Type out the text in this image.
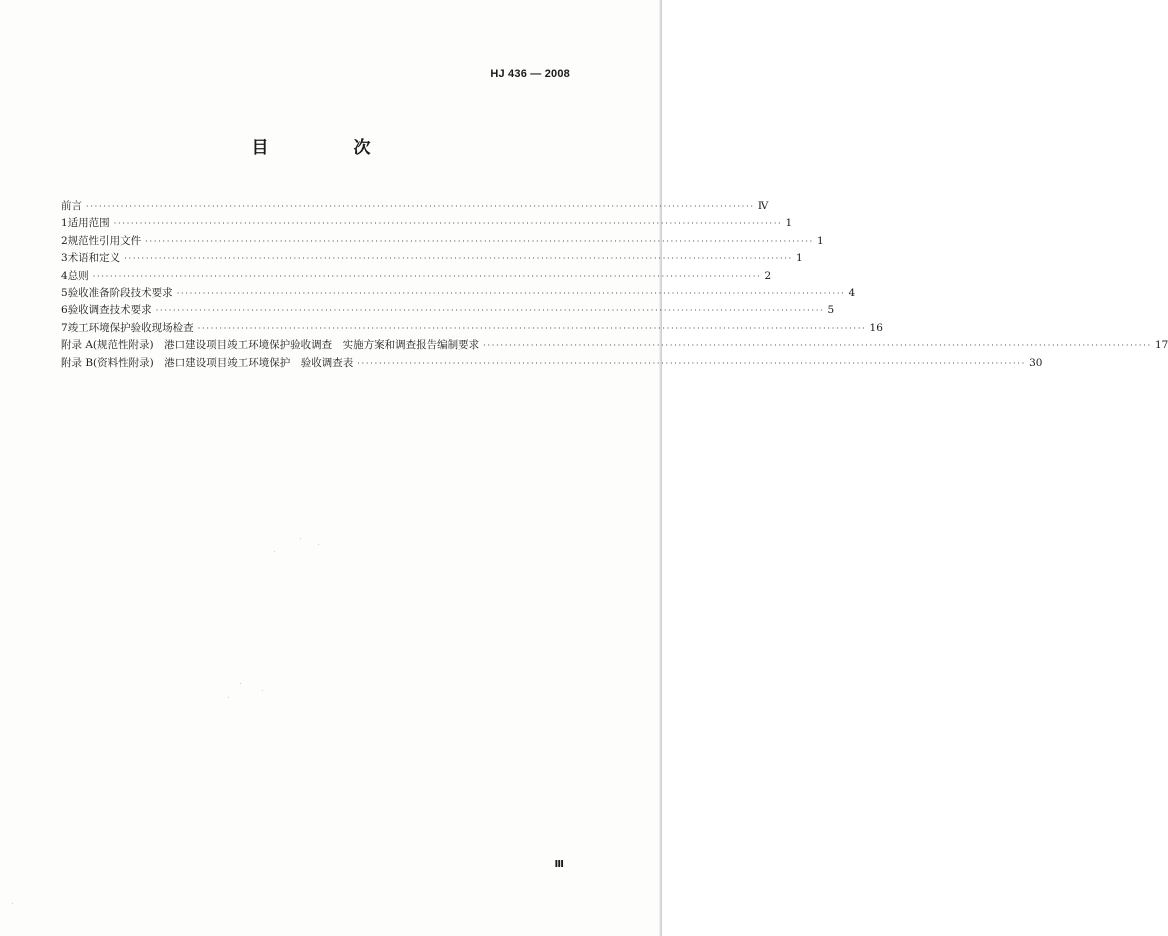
HJ 436 — 2008
目　次
前言 ·························································································································································· Ⅳ
1 适用范围 ·························································································································································· 1
2 规范性引用文件 ·························································································································································· 1
3 术语和定义 ·························································································································································· 1
4 总则 ·························································································································································· 2
5 验收准备阶段技术要求 ·························································································································································· 4
6 验收调查技术要求 ·························································································································································· 5
7 竣工环境保护验收现场检查 ·························································································································································· 16
附录 A(规范性附录)　港口建设项目竣工环境保护验收调查　实施方案和调查报告编制要求 ·························································································································································· 17
附录 B(资料性附录)　港口建设项目竣工环境保护　验收调查表 ·························································································································································· 30
Ⅲ
